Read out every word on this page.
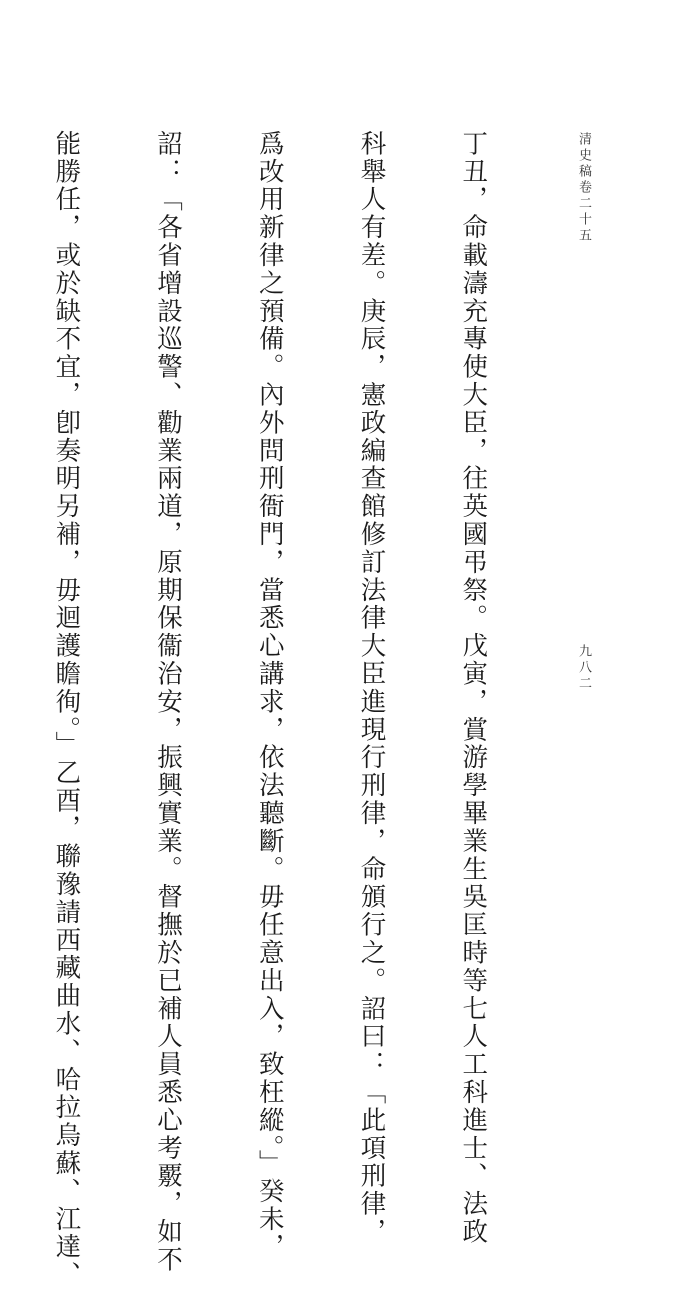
清史稿卷二十五
九八二

丁丑，命載濤充專使大臣，往英國弔祭。戊寅，賞游學畢業生吳匡時等七人工科進士、法政

科舉人有差。庚辰，憲政編查館修訂法律大臣進現行刑律，命頒行之。詔曰：「此項刑律，

爲改用新律之預備。內外問刑衙門，當悉心講求，依法聽斷。毋任意出入，致枉縱。」癸未，

詔：「各省增設巡警、勸業兩道，原期保衞治安，振興實業。督撫於已補人員悉心考覈，如不

能勝任，或於缺不宜，卽奏明另補，毋迴護瞻徇。」乙酉，聯豫請西藏曲水、哈拉烏蘇、江達、
